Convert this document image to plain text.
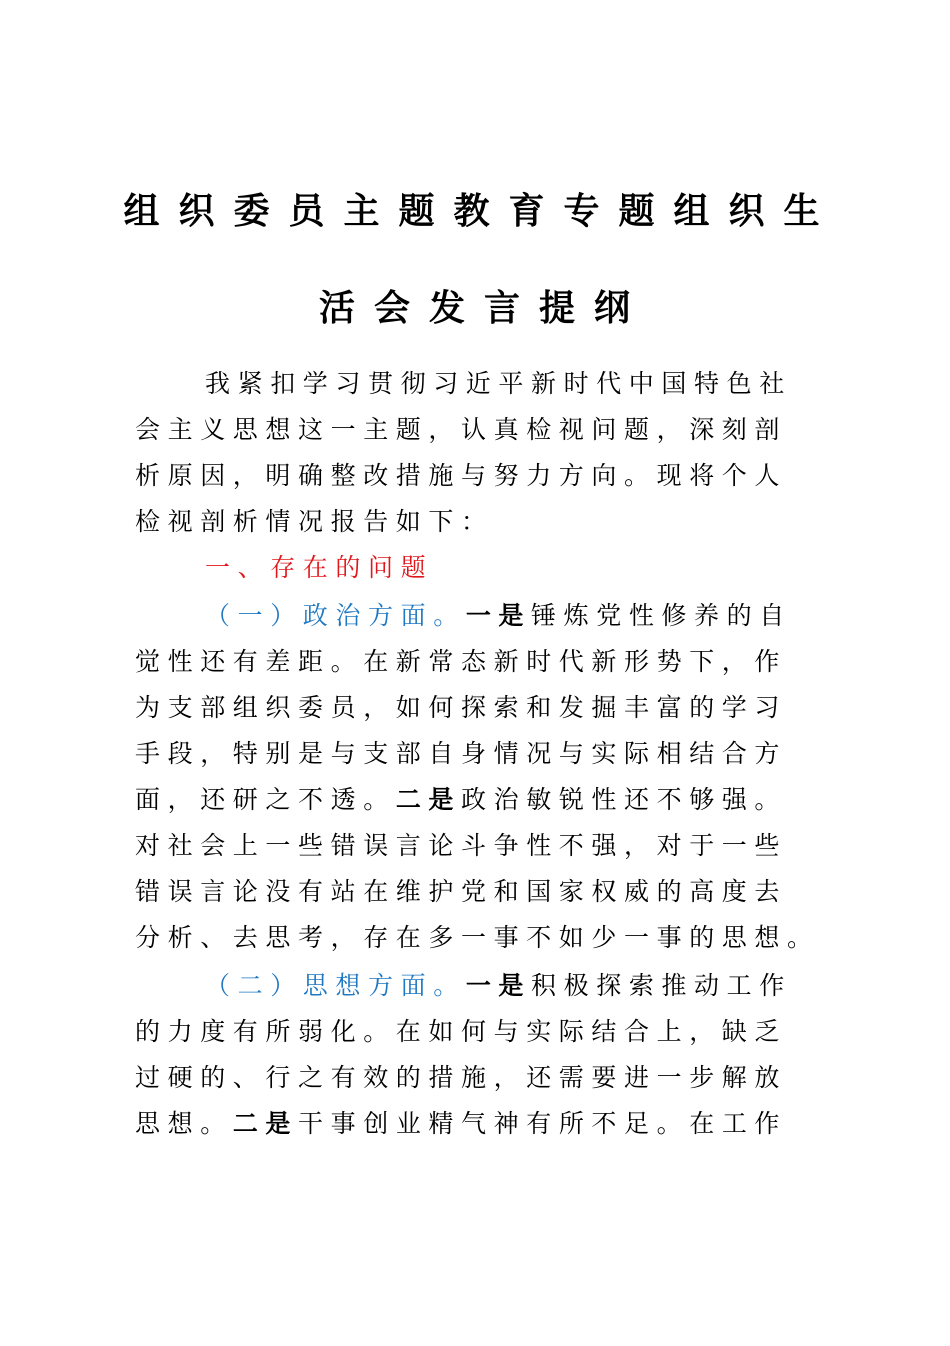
组织委员主题教育专题组织生
活会发言提纲
我紧扣学习贯彻习近平新时代中国特色社
会主义思想这一主题，认真检视问题，深刻剖
析原因，明确整改措施与努力方向。现将个人
检视剖析情况报告如下：
一、存在的问题
（一）政治方面。一是锤炼党性修养的自
觉性还有差距。在新常态新时代新形势下，作
为支部组织委员，如何探索和发掘丰富的学习
手段，特别是与支部自身情况与实际相结合方
面，还研之不透。二是政治敏锐性还不够强。
对社会上一些错误言论斗争性不强，对于一些
错误言论没有站在维护党和国家权威的高度去
分析、去思考，存在多一事不如少一事的思想。
（二）思想方面。一是积极探索推动工作
的力度有所弱化。在如何与实际结合上，缺乏
过硬的、行之有效的措施，还需要进一步解放
思想。二是干事创业精气神有所不足。在工作
